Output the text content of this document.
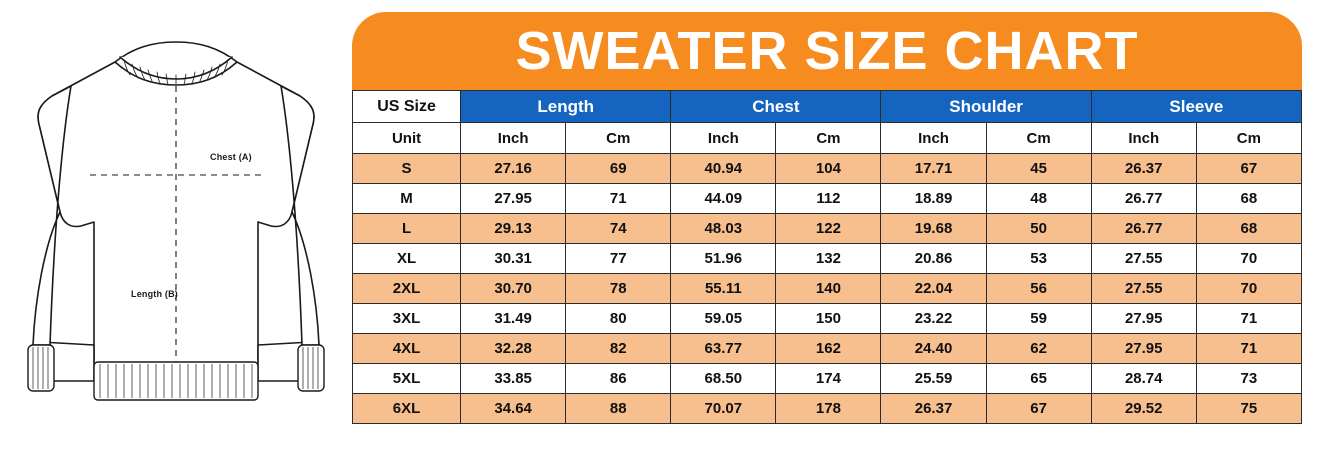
Chest (A)
Length (B)
SWEATER SIZE CHART
US Size	Length		Chest		Shoulder		Sleeve	
Unit	Inch	Cm	Inch	Cm	Inch	Cm	Inch	Cm
S	27.16	69	40.94	104	17.71	45	26.37	67
M	27.95	71	44.09	112	18.89	48	26.77	68
L	29.13	74	48.03	122	19.68	50	26.77	68
XL	30.31	77	51.96	132	20.86	53	27.55	70
2XL	30.70	78	55.11	140	22.04	56	27.55	70
3XL	31.49	80	59.05	150	23.22	59	27.95	71
4XL	32.28	82	63.77	162	24.40	62	27.95	71
5XL	33.85	86	68.50	174	25.59	65	28.74	73
6XL	34.64	88	70.07	178	26.37	67	29.52	75
